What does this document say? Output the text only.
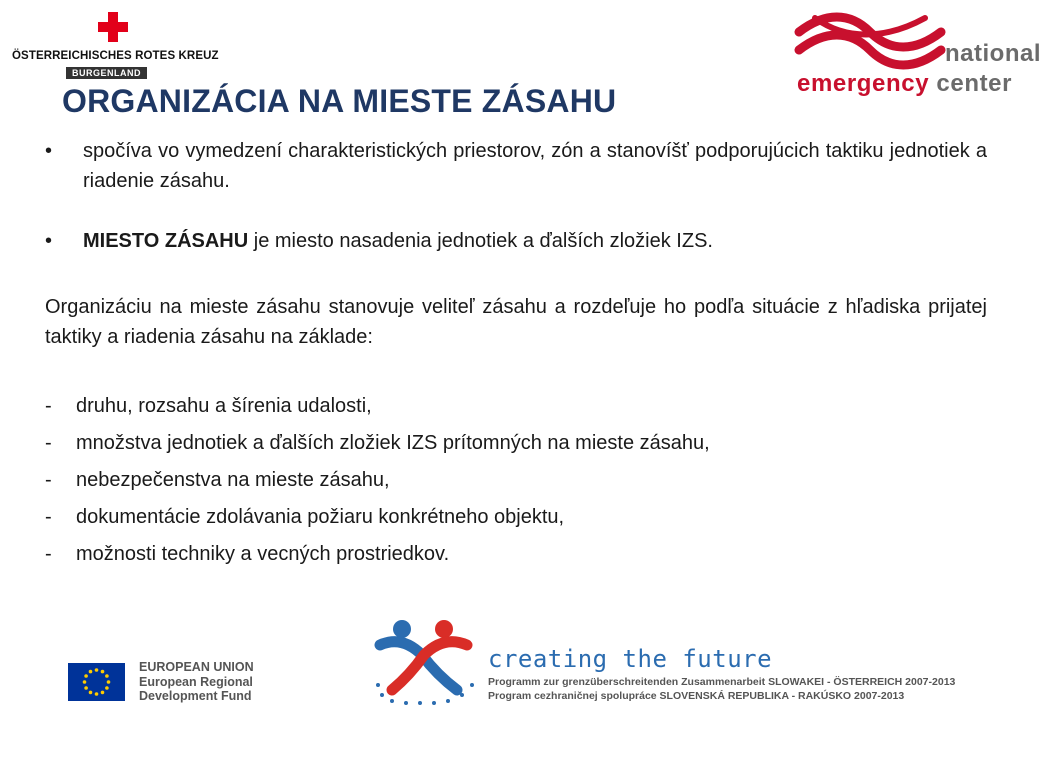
ÖSTERREICHISCHES ROTES KREUZ
BURGENLAND
national
emergency center
ORGANIZÁCIA NA MIESTE ZÁSAHU
• spočíva vo vymedzení charakteristických priestorov, zón a stanovíšť podporujúcich taktiku jednotiek a riadenie zásahu.
• MIESTO ZÁSAHU je miesto nasadenia jednotiek a ďalších zložiek IZS.
Organizáciu na mieste zásahu stanovuje veliteľ zásahu a rozdeľuje ho podľa situácie z hľadiska prijatej taktiky a riadenia zásahu na základe:
- druhu, rozsahu a šírenia udalosti,
- množstva jednotiek a ďalších zložiek IZS prítomných na mieste zásahu,
- nebezpečenstva na mieste zásahu,
- dokumentácie zdolávania požiaru konkrétneho objektu,
- možnosti techniky a vecných prostriedkov.
EUROPEAN UNION
European Regional
Development Fund
creating the future
Programm zur grenzüberschreitenden Zusammenarbeit SLOWAKEI - ÖSTERREICH 2007-2013
Program cezhraničnej spolupráce SLOVENSKÁ REPUBLIKA - RAKÚSKO 2007-2013
